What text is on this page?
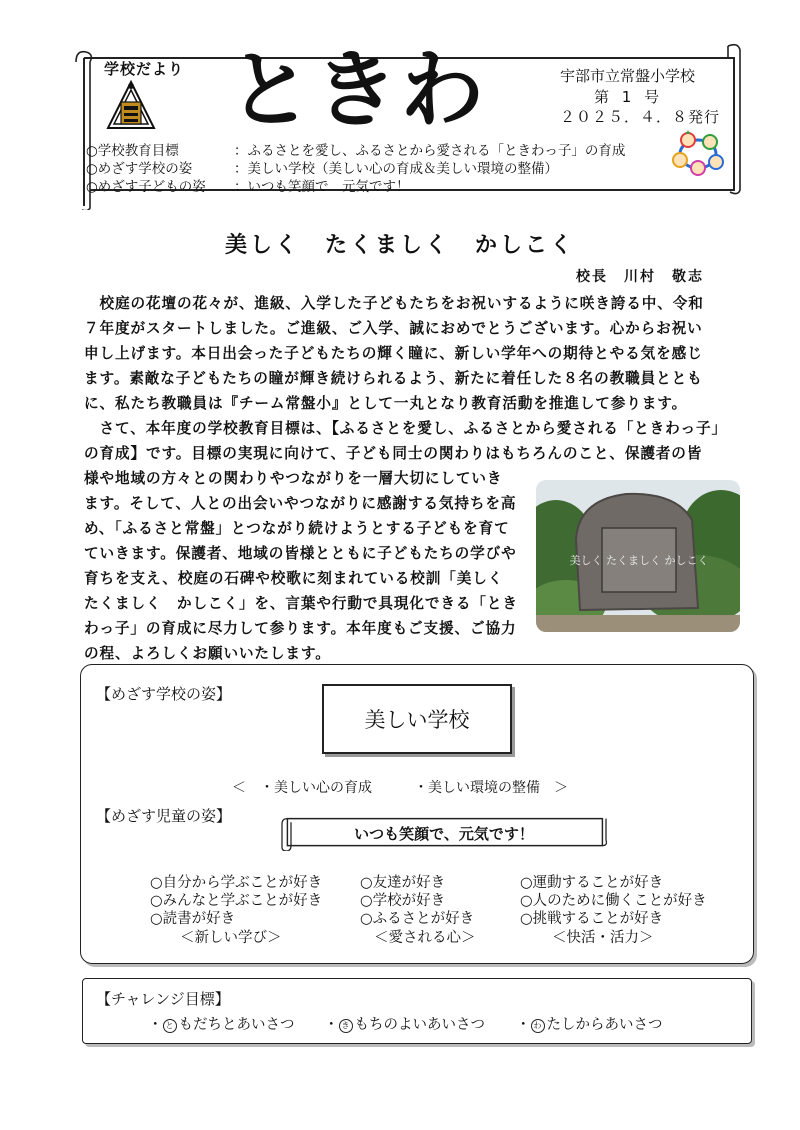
学校だより ときわ	宇部市立常盤小学校
第 1 号
２０２５．４．８発行
○学校教育目標	：ふるさとを愛し、ふるさとから愛される「ときわっ子」の育成
○めざす学校の姿	：美しい学校（美しい心の育成＆美しい環境の整備）
○めざす子どもの姿 ：いつも笑顔で　元気です！
美しく　たくましく　かしこく
校長　川村　敬志
　校庭の花壇の花々が、進級、入学した子どもたちをお祝いするように咲き誇る中、令和
７年度がスタートしました。ご進級、ご入学、誠におめでとうございます。心からお祝い
申し上げます。本日出会った子どもたちの輝く瞳に、新しい学年への期待とやる気を感じ
ます。素敵な子どもたちの瞳が輝き続けられるよう、新たに着任した８名の教職員ととも
に、私たち教職員は『チーム常盤小』として一丸となり教育活動を推進して参ります。
　さて、本年度の学校教育目標は、【ふるさとを愛し、ふるさとから愛される「ときわっ子」
の育成】です。目標の実現に向けて、子ども同士の関わりはもちろんのこと、保護者の皆
様や地域の方々との関わりやつながりを一層大切にしていき
ます。そして、人との出会いやつながりに感謝する気持ちを高
め、「ふるさと常盤」とつながり続けようとする子どもを育て
ていきます。保護者、地域の皆様とともに子どもたちの学びや
育ちを支え、校庭の石碑や校歌に刻まれている校訓「美しく
たくましく　かしこく」を、言葉や行動で具現化できる「とき
わっ子」の育成に尽力して参ります。本年度もご支援、ご協力
の程、よろしくお願いいたします。
美しく たくましく かしこく
【めざす学校の姿】
美しい学校
＜　・美しい心の育成　　　・美しい環境の整備　＞
【めざす児童の姿】
いつも笑顔で、元気です！
○自分から学ぶことが好き
○みんなと学ぶことが好き
○読書が好き
＜新しい学び＞
○友達が好き
○学校が好き
○ふるさとが好き
＜愛される心＞
○運動することが好き
○人のために働くことが好き
○挑戦することが好き
＜快活・活力＞
【チャレンジ目標】
・ と もだちとあいさつ ・ き もちのよいあいさつ ・ わ たしからあいさつ
